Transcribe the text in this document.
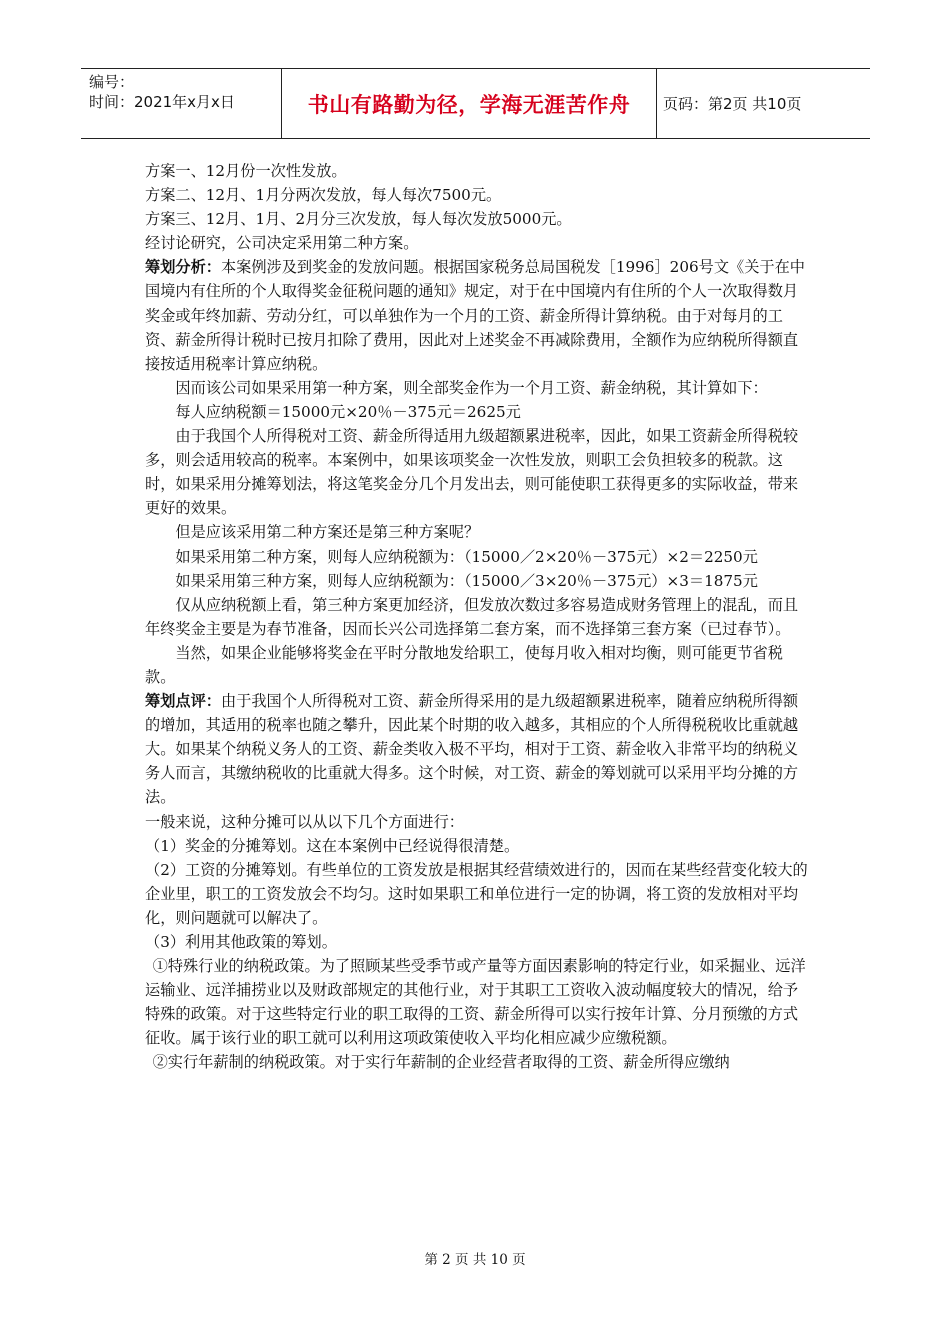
编号：
时间：2021年x月x日	书山有路勤为径，学海无涯苦作舟 页码：第2页 共10页

方案一、12月份一次性发放。

方案二、12月、1月分两次发放，每人每次7500元。

方案三、12月、1月、2月分三次发放，每人每次发放5000元。

经讨论研究，公司决定采用第二种方案。

筹划分析：本案例涉及到奖金的发放问题。根据国家税务总局国税发［1996］206号文《关于在中国境内有住所的个人取得奖金征税问题的通知》规定，对于在中国境内有住所的个人一次取得数月奖金或年终加薪、劳动分红，可以单独作为一个月的工资、薪金所得计算纳税。由于对每月的工资、薪金所得计税时已按月扣除了费用，因此对上述奖金不再减除费用，全额作为应纳税所得额直接按适用税率计算应纳税。

因而该公司如果采用第一种方案，则全部奖金作为一个月工资、薪金纳税，其计算如下：

每人应纳税额＝15000元×20％－375元＝2625元

由于我国个人所得税对工资、薪金所得适用九级超额累进税率，因此，如果工资薪金所得税较多，则会适用较高的税率。本案例中，如果该项奖金一次性发放，则职工会负担较多的税款。这时，如果采用分摊筹划法，将这笔奖金分几个月发出去，则可能使职工获得更多的实际收益，带来更好的效果。

但是应该采用第二种方案还是第三种方案呢？

如果采用第二种方案，则每人应纳税额为：（15000／2×20％－375元）×2＝2250元

如果采用第三种方案，则每人应纳税额为：（15000／3×20％－375元）×3＝1875元

仅从应纳税额上看，第三种方案更加经济，但发放次数过多容易造成财务管理上的混乱，而且年终奖金主要是为春节准备，因而长兴公司选择第二套方案，而不选择第三套方案（已过春节）。

当然，如果企业能够将奖金在平时分散地发给职工，使每月收入相对均衡，则可能更节省税款。

筹划点评：由于我国个人所得税对工资、薪金所得采用的是九级超额累进税率，随着应纳税所得额的增加，其适用的税率也随之攀升，因此某个时期的收入越多，其相应的个人所得税税收比重就越大。如果某个纳税义务人的工资、薪金类收入极不平均，相对于工资、薪金收入非常平均的纳税义务人而言，其缴纳税收的比重就大得多。这个时候，对工资、薪金的筹划就可以采用平均分摊的方法。

一般来说，这种分摊可以从以下几个方面进行：

（1）奖金的分摊筹划。这在本案例中已经说得很清楚。

（2）工资的分摊筹划。有些单位的工资发放是根据其经营绩效进行的，因而在某些经营变化较大的企业里，职工的工资发放会不均匀。这时如果职工和单位进行一定的协调，将工资的发放相对平均化，则问题就可以解决了。

（3）利用其他政策的筹划。

①特殊行业的纳税政策。为了照顾某些受季节或产量等方面因素影响的特定行业，如采掘业、远洋运输业、远洋捕捞业以及财政部规定的其他行业，对于其职工工资收入波动幅度较大的情况，给予特殊的政策。对于这些特定行业的职工取得的工资、薪金所得可以实行按年计算、分月预缴的方式征收。属于该行业的职工就可以利用这项政策使收入平均化相应减少应缴税额。

②实行年薪制的纳税政策。对于实行年薪制的企业经营者取得的工资、薪金所得应缴纳

第 2 页 共 10 页
